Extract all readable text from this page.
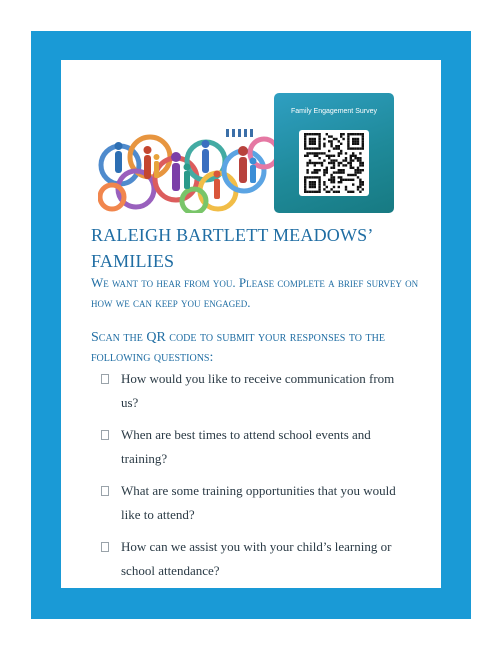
Family Engagement Survey
RALEIGH BARTLETT MEADOWS’ FAMILIES

We want to hear from you. Please complete a brief survey on how we can keep you engaged.

Scan the QR code to submit your responses to the following questions:

How would you like to receive communication from us?
When are best times to attend school events and training?
What are some training opportunities that you would like to attend?
How can we assist you with your child’s learning or school attendance?
